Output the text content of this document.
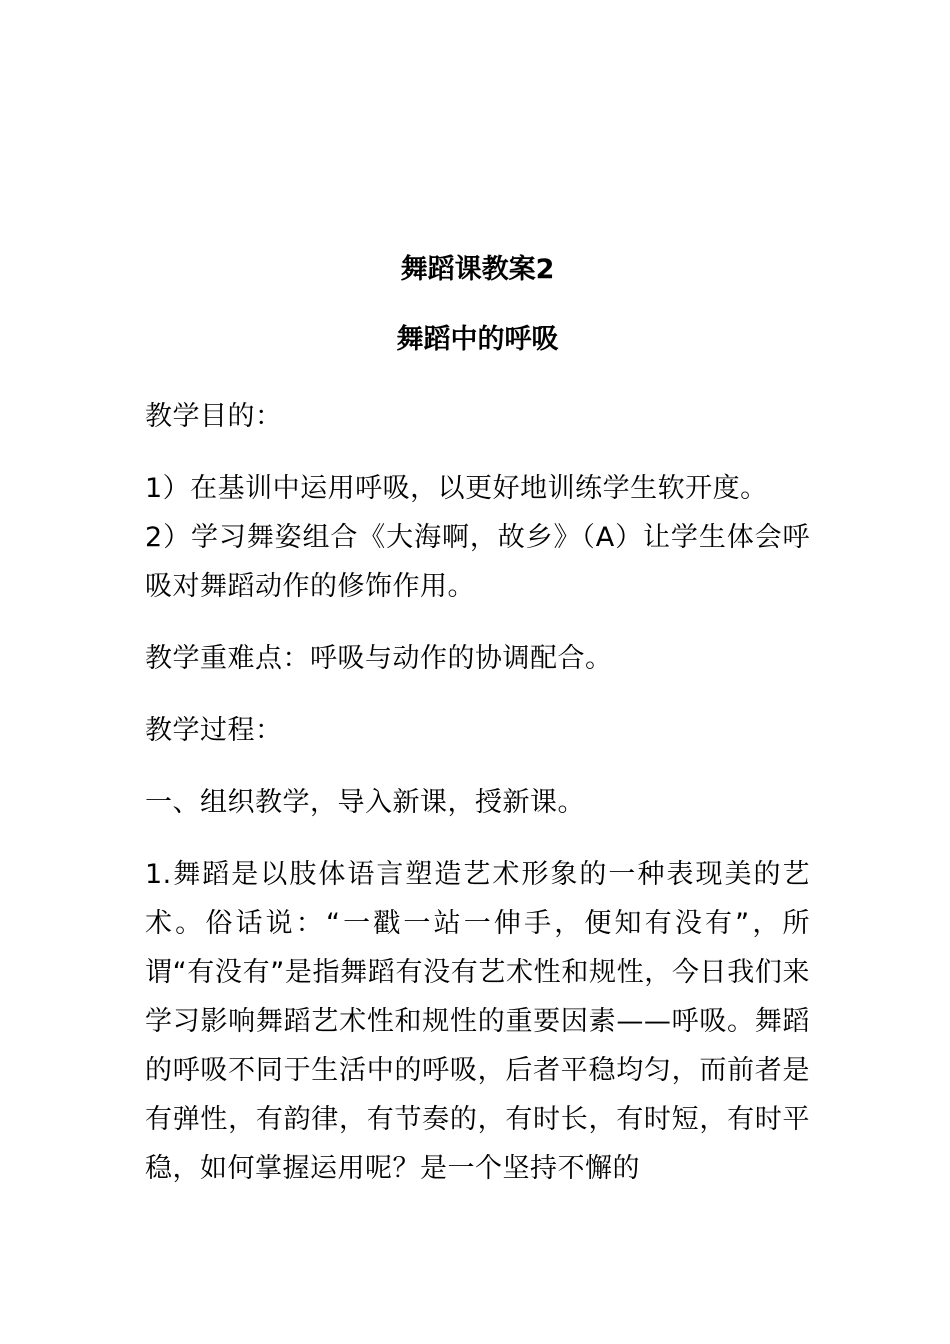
舞蹈课教案2
舞蹈中的呼吸

教学目的：

1）在基训中运用呼吸，以更好地训练学生软开度。

2）学习舞姿组合《大海啊，故乡》（A）让学生体会呼吸对舞蹈动作的修饰作用。

教学重难点：呼吸与动作的协调配合。

教学过程：

一、组织教学，导入新课，授新课。

1.舞蹈是以肢体语言塑造艺术形象的一种表现美的艺术。俗话说：“一戳一站一伸手，便知有没有”，所谓“有没有”是指舞蹈有没有艺术性和规性，今日我们来学习影响舞蹈艺术性和规性的重要因素——呼吸。舞蹈的呼吸不同于生活中的呼吸，后者平稳均匀，而前者是有弹性，有韵律，有节奏的，有时长，有时短，有时平稳，如何掌握运用呢？是一个坚持不懈的
